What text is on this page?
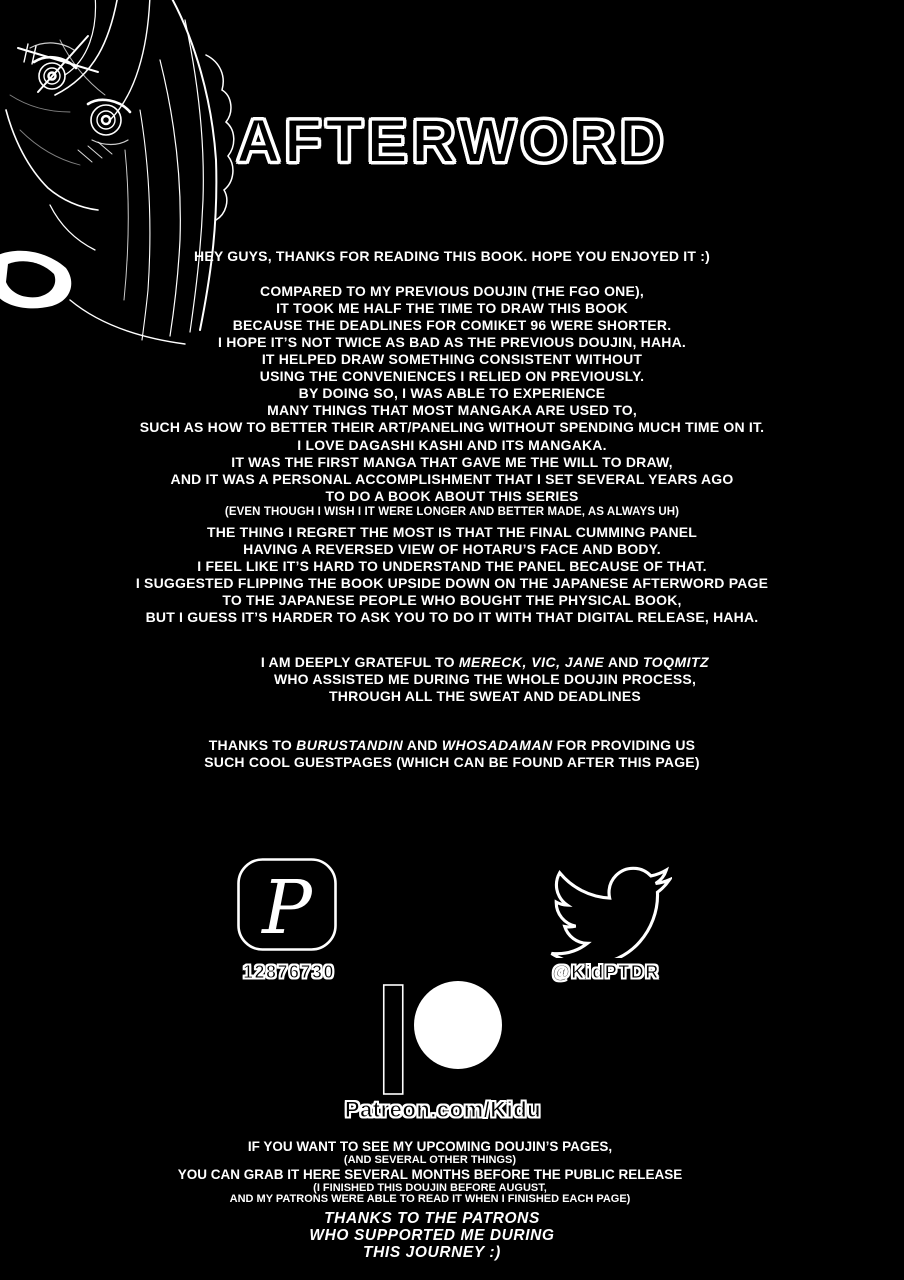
AFTERWORD
HEY GUYS, THANKS FOR READING THIS BOOK. HOPE YOU ENJOYED IT :)
COMPARED TO MY PREVIOUS DOUJIN (THE FGO ONE),
IT TOOK ME HALF THE TIME TO DRAW THIS BOOK
BECAUSE THE DEADLINES FOR COMIKET 96 WERE SHORTER.
I HOPE IT’S NOT TWICE AS BAD AS THE PREVIOUS DOUJIN, HAHA.
IT HELPED DRAW SOMETHING CONSISTENT WITHOUT
USING THE CONVENIENCES I RELIED ON PREVIOUSLY.
BY DOING SO, I WAS ABLE TO EXPERIENCE
MANY THINGS THAT MOST MANGAKA ARE USED TO,
SUCH AS HOW TO BETTER THEIR ART/PANELING WITHOUT SPENDING MUCH TIME ON IT.
I LOVE DAGASHI KASHI AND ITS MANGAKA.
IT WAS THE FIRST MANGA THAT GAVE ME THE WILL TO DRAW,
AND IT WAS A PERSONAL ACCOMPLISHMENT THAT I SET SEVERAL YEARS AGO
TO DO A BOOK ABOUT THIS SERIES
(EVEN THOUGH I WISH I IT WERE LONGER AND BETTER MADE, AS ALWAYS UH)
THE THING I REGRET THE MOST IS THAT THE FINAL CUMMING PANEL
HAVING A REVERSED VIEW OF HOTARU’S FACE AND BODY.
I FEEL LIKE IT’S HARD TO UNDERSTAND THE PANEL BECAUSE OF THAT.
I SUGGESTED FLIPPING THE BOOK UPSIDE DOWN ON THE JAPANESE AFTERWORD PAGE
TO THE JAPANESE PEOPLE WHO BOUGHT THE PHYSICAL BOOK,
BUT I GUESS IT’S HARDER TO ASK YOU TO DO IT WITH THAT DIGITAL RELEASE, HAHA.
I AM DEEPLY GRATEFUL TO MERECK, VIC, JANE AND TOQMITZ
WHO ASSISTED ME DURING THE WHOLE DOUJIN PROCESS,
THROUGH ALL THE SWEAT AND DEADLINES
THANKS TO BURUSTANDIN AND WHOSADAMAN FOR PROVIDING US
SUCH COOL GUESTPAGES (WHICH CAN BE FOUND AFTER THIS PAGE)
P
12876730	@KidPTDR
Patreon.com/Kidu
IF YOU WANT TO SEE MY UPCOMING DOUJIN’S PAGES,
(AND SEVERAL OTHER THINGS)
YOU CAN GRAB IT HERE SEVERAL MONTHS BEFORE THE PUBLIC RELEASE
(I FINISHED THIS DOUJIN BEFORE AUGUST,
AND MY PATRONS WERE ABLE TO READ IT WHEN I FINISHED EACH PAGE)
THANKS TO THE PATRONS
WHO SUPPORTED ME DURING
THIS JOURNEY :)
